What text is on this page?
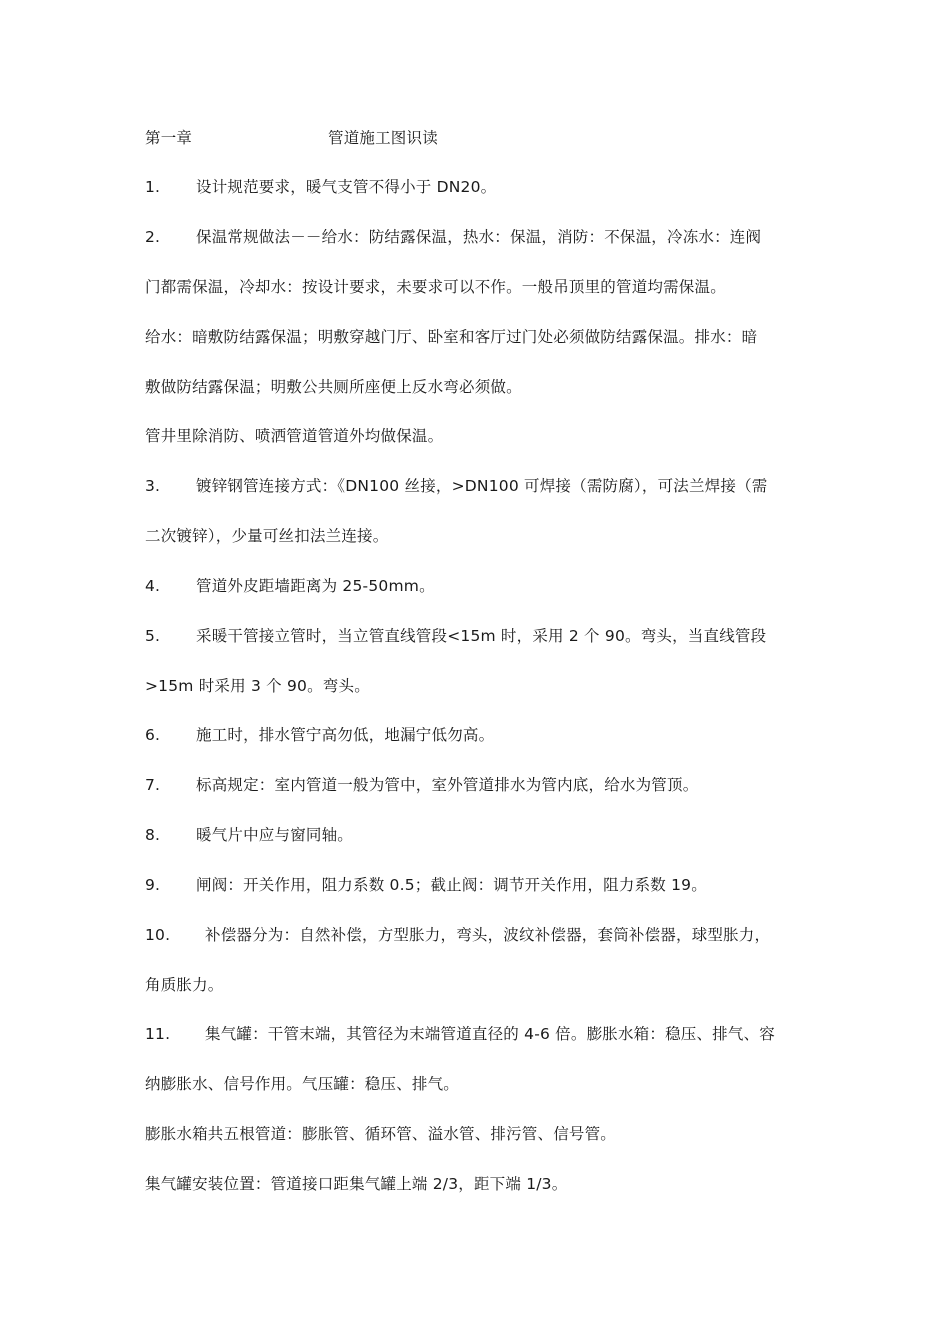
第一章	管道施工图识读
1. 设计规范要求，暖气支管不得小于 DN20。
2. 保温常规做法－－给水：防结露保温，热水：保温，消防：不保温，冷冻水：连阀
门都需保温，冷却水：按设计要求，未要求可以不作。一般吊顶里的管道均需保温。
给水：暗敷防结露保温；明敷穿越门厅、卧室和客厅过门处必须做防结露保温。排水：暗
敷做防结露保温；明敷公共厕所座便上反水弯必须做。
管井里除消防、喷洒管道管道外均做保温。
3. 镀锌钢管连接方式：《DN100 丝接，>DN100 可焊接（需防腐），可法兰焊接（需
二次镀锌），少量可丝扣法兰连接。
4. 管道外皮距墙距离为 25-50mm。
5. 采暖干管接立管时，当立管直线管段<15m 时，采用 2 个 90。弯头，当直线管段
>15m 时采用 3 个 90。弯头。
6. 施工时，排水管宁高勿低，地漏宁低勿高。
7. 标高规定：室内管道一般为管中，室外管道排水为管内底，给水为管顶。
8. 暖气片中应与窗同轴。
9. 闸阀：开关作用，阻力系数 0.5；截止阀：调节开关作用，阻力系数 19。
10. 补偿器分为：自然补偿，方型胀力，弯头，波纹补偿器，套筒补偿器，球型胀力，
角质胀力。
11. 集气罐：干管末端，其管径为末端管道直径的 4-6 倍。膨胀水箱：稳压、排气、容
纳膨胀水、信号作用。气压罐：稳压、排气。
膨胀水箱共五根管道：膨胀管、循环管、溢水管、排污管、信号管。
集气罐安装位置：管道接口距集气罐上端 2/3，距下端 1/3。
